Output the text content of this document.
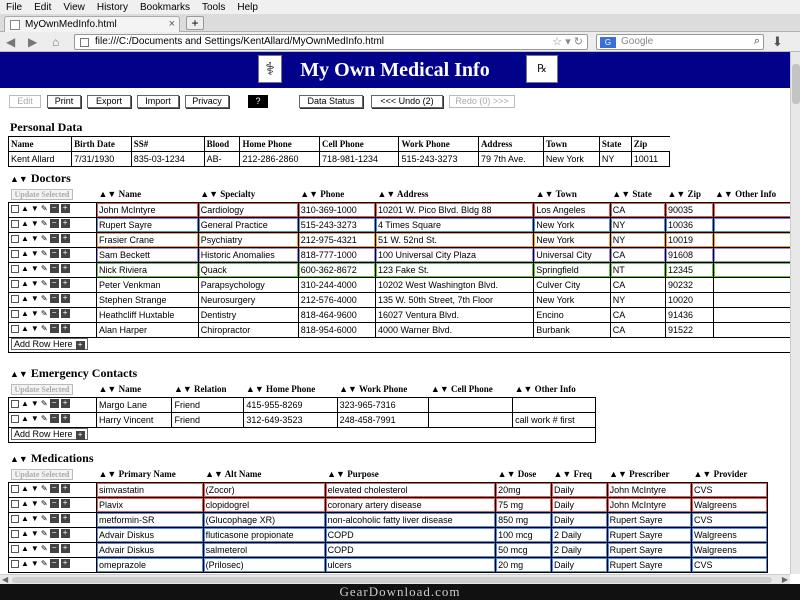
File Edit View History Bookmarks Tools Help
MyOwnMedInfo.html	×	+
◀ ▶ ⌂	file:///C:/Documents and Settings/KentAllard/MyOwnMedInfo.html	☆ ▾ ↻	G Google	⌕ ⬇
⚕	My Own Medical Info	℞
Edit	Print	Export	Import	Privacy	?	Data Status	<<< Undo (2)	Redo (0) >>>
Personal Data
Name	Birth Date	SS#	Blood	Home Phone	Cell Phone	Work Phone	Address	Town	State	Zip
Kent Allard	7/31/1930	835-03-1234	AB-	212-286-2860	718-981-1234	515-243-3273	79 7th Ave.	New York	NY	10011
▲▼ Doctors
Update Selected	▲▼ Name	▲▼ Specialty	▲▼ Phone	▲▼ Address	▲▼ Town	▲▼ State	▲▼ Zip	▲▼ Other Info

▲ ▼ ✎ − +	John McIntyre	Cardiology	310-369-1000	10201 W. Pico Blvd. Bldg 88	Los Angeles	CA	90035	

▲ ▼ ✎ − +	Rupert Sayre	General Practice	515-243-3273	4 Times Square	New York	NY	10036	

▲ ▼ ✎ − +	Frasier Crane	Psychiatry	212-975-4321	51 W. 52nd St.	New York	NY	10019	

▲ ▼ ✎ − +	Sam Beckett	Historic Anomalies	818-777-1000	100 Universal City Plaza	Universal City	CA	91608	

▲ ▼ ✎ − +	Nick Riviera	Quack	600-362-8672	123 Fake St.	Springfield	NT	12345	

▲ ▼ ✎ − +	Peter Venkman	Parapsychology	310-244-4000	10202 West Washington Blvd.	Culver City	CA	90232	

▲ ▼ ✎ − +	Stephen Strange	Neurosurgery	212-576-4000	135 W. 50th Street, 7th Floor	New York	NY	10020	

▲ ▼ ✎ − +	Heathcliff Huxtable	Dentistry	818-464-9600	16027 Ventura Blvd.	Encino	CA	91436	

▲ ▼ ✎ − +	Alan Harper	Chiropractor	818-954-6000	4000 Warner Blvd.	Burbank	CA	91522	
Add Row Here +								
▲▼ Emergency Contacts
Update Selected	▲▼ Name	▲▼ Relation	▲▼ Home Phone	▲▼ Work Phone	▲▼ Cell Phone	▲▼ Other Info

▲ ▼ ✎ − +	Margo Lane	Friend	415-955-8269	323-965-7316		

▲ ▼ ✎ − +	Harry Vincent	Friend	312-649-3523	248-458-7991		call work # first
Add Row Here +						
▲▼ Medications
Update Selected	▲▼ Primary Name	▲▼ Alt Name	▲▼ Purpose	▲▼ Dose	▲▼ Freq	▲▼ Prescriber	▲▼ Provider

▲ ▼ ✎ − +	simvastatin	(Zocor)	elevated cholesterol	20mg	Daily	John McIntyre	CVS

▲ ▼ ✎ − +	Plavix	clopidogrel	coronary artery disease	75 mg	Daily	John McIntyre	Walgreens

▲ ▼ ✎ − +	metformin-SR	(Glucophage XR)	non-alcoholic fatty liver disease	850 mg	Daily	Rupert Sayre	CVS

▲ ▼ ✎ − +	Advair Diskus	fluticasone propionate	COPD	100 mcg	2 Daily	Rupert Sayre	Walgreens

▲ ▼ ✎ − +	Advair Diskus	salmeterol	COPD	50 mcg	2 Daily	Rupert Sayre	Walgreens

▲ ▼ ✎ − +	omeprazole	(Prilosec)	ulcers	20 mg	Daily	Rupert Sayre	CVS
◀	▶
GearDownload.com
